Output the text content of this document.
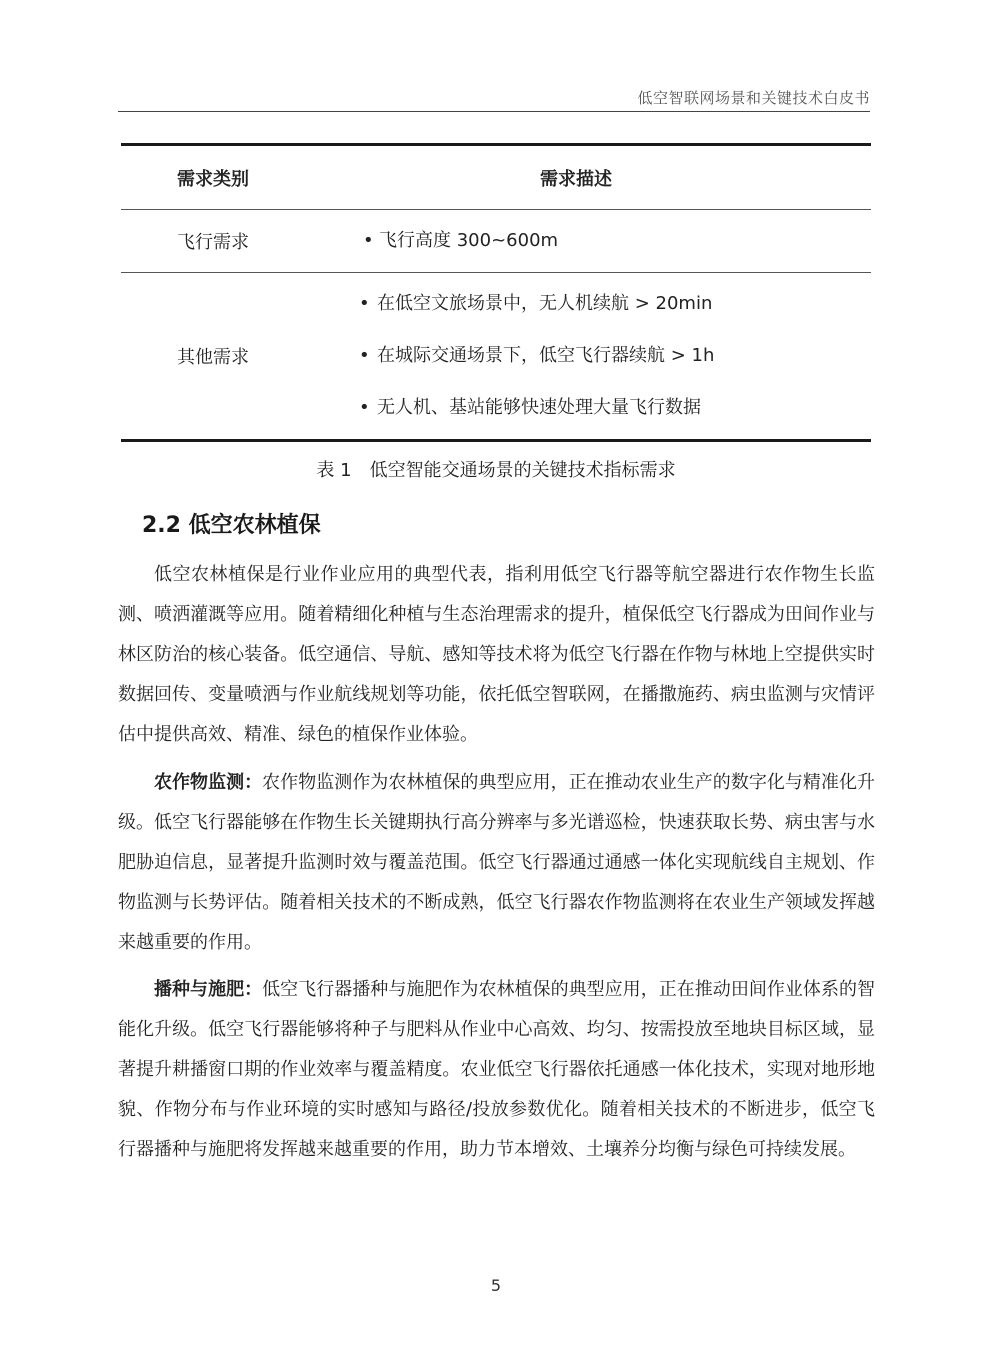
低空智联网场景和关键技术白皮书
需求类别	需求描述
飞行需求
•	飞行高度 300~600m
其他需求
• 在低空文旅场景中，无人机续航 > 20min
• 在城际交通场景下，低空飞行器续航 > 1h
• 无人机、基站能够快速处理大量飞行数据
表 1　低空智能交通场景的关键技术指标需求
2.2 低空农林植保

低空农林植保是行业作业应用的典型代表，指利用低空飞行器等航空器进行农作物生长监测、喷洒灌溉等应用。随着精细化种植与生态治理需求的提升，植保低空飞行器成为田间作业与林区防治的核心装备。低空通信、导航、感知等技术将为低空飞行器在作物与林地上空提供实时数据回传、变量喷洒与作业航线规划等功能，依托低空智联网，在播撒施药、病虫监测与灾情评估中提供高效、精准、绿色的植保作业体验。

农作物监测：农作物监测作为农林植保的典型应用，正在推动农业生产的数字化与精准化升级。低空飞行器能够在作物生长关键期执行高分辨率与多光谱巡检，快速获取长势、病虫害与水肥胁迫信息，显著提升监测时效与覆盖范围。低空飞行器通过通感一体化实现航线自主规划、作物监测与长势评估。随着相关技术的不断成熟，低空飞行器农作物监测将在农业生产领域发挥越来越重要的作用。

播种与施肥：低空飞行器播种与施肥作为农林植保的典型应用，正在推动田间作业体系的智能化升级。低空飞行器能够将种子与肥料从作业中心高效、均匀、按需投放至地块目标区域，显著提升耕播窗口期的作业效率与覆盖精度。农业低空飞行器依托通感一体化技术，实现对地形地貌、作物分布与作业环境的实时感知与路径/投放参数优化。随着相关技术的不断进步，低空飞行器播种与施肥将发挥越来越重要的作用，助力节本增效、土壤养分均衡与绿色可持续发展。

5
